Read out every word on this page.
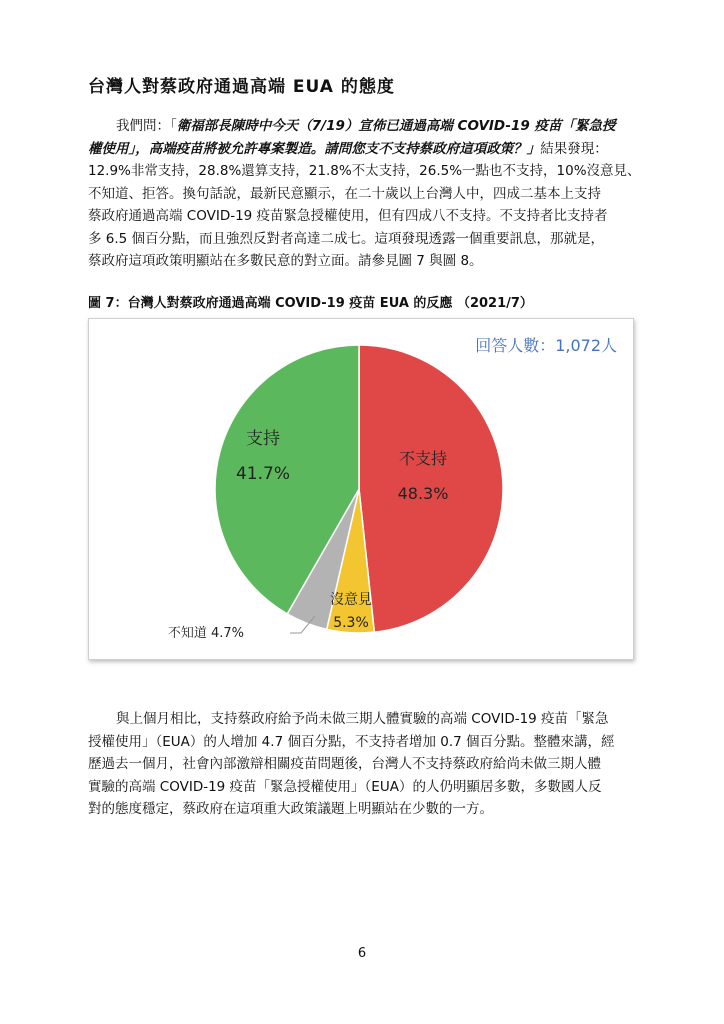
台灣人對蔡政府通過高端 EUA 的態度

我們問：「衛福部長陳時中今天（7/19）宣佈已通過高端 COVID-19 疫苗「緊急授
權使用」，高端疫苗將被允許專案製造。請問您支不支持蔡政府這項政策？」結果發現：
12.9%非常支持，28.8%還算支持，21.8%不太支持，26.5%一點也不支持，10%沒意見、
不知道、拒答。換句話說，最新民意顯示，在二十歲以上台灣人中，四成二基本上支持
蔡政府通過高端 COVID-19 疫苗緊急授權使用，但有四成八不支持。不支持者比支持者
多 6.5 個百分點，而且強烈反對者高達二成七。這項發現透露一個重要訊息，那就是，
蔡政府這項政策明顯站在多數民意的對立面。請參見圖 7 與圖 8。

圖 7：台灣人對蔡政府通過高端 COVID-19 疫苗 EUA 的反應 （2021/7）
不支持
48.3%
沒意見
5.3%
不知道 4.7%
支持
41.7%
回答人數：1,072人

與上個月相比，支持蔡政府給予尚未做三期人體實驗的高端 COVID-19 疫苗「緊急
授權使用」（EUA）的人增加 4.7 個百分點，不支持者增加 0.7 個百分點。整體來講，經
歷過去一個月，社會內部激辯相關疫苗問題後，台灣人不支持蔡政府給尚未做三期人體
實驗的高端 COVID-19 疫苗「緊急授權使用」（EUA）的人仍明顯居多數，多數國人反
對的態度穩定，蔡政府在這項重大政策議題上明顯站在少數的一方。

6
